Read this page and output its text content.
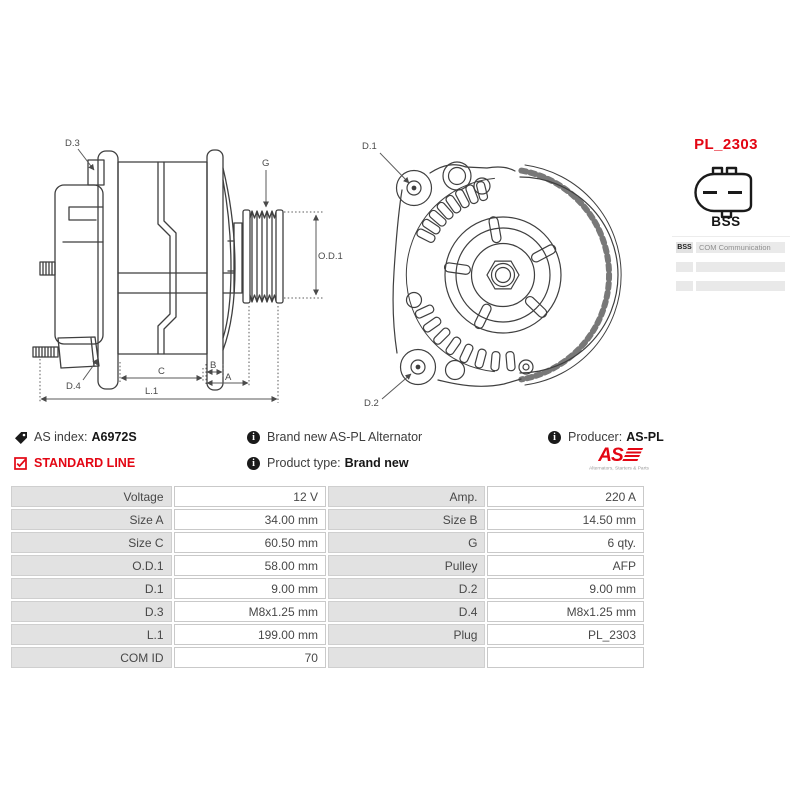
D.3
G
O.D.1
D.4
C
B
A
L.1
D.1
D.2
PL_2303
BSS
BSS COM Communication
AS index: A6972S
STANDARD LINE
i Brand new AS-PL Alternator
i Product type: Brand new
i Producer: AS-PL
AS
Alternators, Starters & Parts
Voltage	12 V	Amp.	220 A
Size A	34.00 mm	Size B	14.50 mm
Size C	60.50 mm	G	6 qty.
O.D.1	58.00 mm	Pulley	AFP
D.1	9.00 mm	D.2	9.00 mm
D.3	M8x1.25 mm	D.4	M8x1.25 mm
L.1	199.00 mm	Plug	PL_2303
COM ID	70		
